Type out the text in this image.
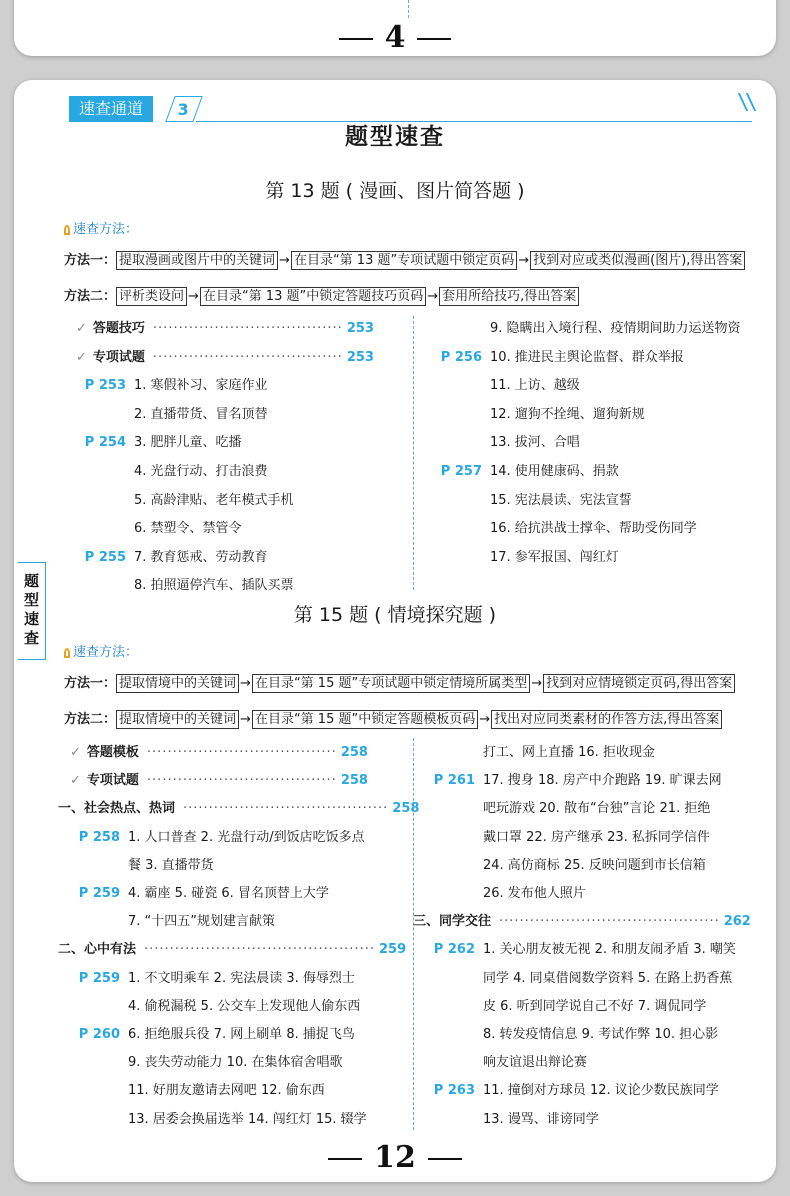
4
速查通道	3
题型速查
题型速查
第 13 题 ( 漫画、图片简答题 )
速查方法：
方法一： 提取漫画或图片中的关键词 → 在目录“第 13 题”专项试题中锁定页码 → 找到对应或类似漫画(图片),得出答案
方法二： 评析类设问 → 在目录“第 13 题”中锁定答题技巧页码 → 套用所给技巧,得出答案
✓ 答题技巧 ····································· 253
✓ 专项试题 ····································· 253
P 253 1. 寒假补习、家庭作业
2. 直播带货、冒名顶替
P 254 3. 肥胖儿童、吃播
4. 光盘行动、打击浪费
5. 高龄津贴、老年模式手机
6. 禁塑令、禁管令
P 255 7. 教育惩戒、劳动教育
8. 拍照逼停汽车、插队买票
9. 隐瞒出入境行程、疫情期间助力运送物资
P 256 10. 推进民主舆论监督、群众举报
11. 上访、越级
12. 遛狗不拴绳、遛狗新规
13. 拔河、合唱
P 257 14. 使用健康码、捐款
15. 宪法晨读、宪法宣誓
16. 给抗洪战士撑伞、帮助受伤同学
17. 参军报国、闯红灯
第 15 题 ( 情境探究题 )
速查方法：
方法一： 提取情境中的关键词 → 在目录“第 15 题”专项试题中锁定情境所属类型 → 找到对应情境锁定页码,得出答案
方法二： 提取情境中的关键词 → 在目录“第 15 题”中锁定答题模板页码 → 找出对应同类素材的作答方法,得出答案
✓ 答题模板 ····································· 258
✓ 专项试题 ····································· 258
一、社会热点、热词 ········································ 258
P 258 1. 人口普查 2. 光盘行动/到饭店吃饭多点
餐 3. 直播带货
P 259 4. 霸座 5. 碰瓷 6. 冒名顶替上大学
7. “十四五”规划建言献策
二、心中有法 ············································· 259
P 259 1. 不文明乘车 2. 宪法晨读 3. 侮辱烈士
4. 偷税漏税 5. 公交车上发现他人偷东西
P 260 6. 拒绝服兵役 7. 网上刷单 8. 捕捉飞鸟
9. 丧失劳动能力 10. 在集体宿舍唱歌
11. 好朋友邀请去网吧 12. 偷东西
13. 居委会换届选举 14. 闯红灯 15. 辍学
打工、网上直播 16. 拒收现金
P 261 17. 搜身 18. 房产中介跑路 19. 旷课去网
吧玩游戏 20. 散布“台独”言论 21. 拒绝
戴口罩 22. 房产继承 23. 私拆同学信件
24. 高仿商标 25. 反映问题到市长信箱
26. 发布他人照片
三、同学交往 ··········································· 262
P 262 1. 关心朋友被无视 2. 和朋友闹矛盾 3. 嘲笑
同学 4. 同桌借阅数学资料 5. 在路上扔香蕉
皮 6. 听到同学说自己不好 7. 调侃同学
8. 转发疫情信息 9. 考试作弊 10. 担心影
响友谊退出辩论赛
P 263 11. 撞倒对方球员 12. 议论少数民族同学
13. 谩骂、诽谤同学
12
